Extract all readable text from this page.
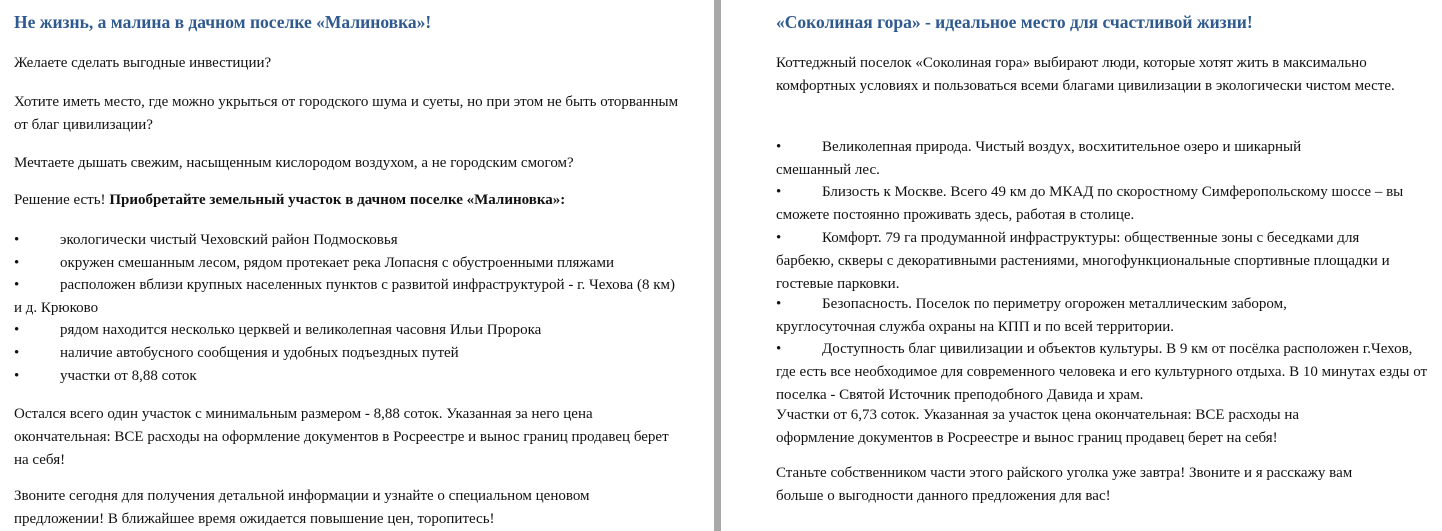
Не жизнь, а малина в дачном поселке «Малиновка»!
Желаете сделать выгодные инвестиции?
Хотите иметь место, где можно укрыться от городского шума и суеты, но при этом не быть оторванным от благ цивилизации?
Мечтаете дышать свежим, насыщенным кислородом воздухом, а не городским смогом?
Решение есть! Приобретайте земельный участок в дачном поселке «Малиновка»:
•	экологически чистый Чеховский район Подмосковья
•	окружен смешанным лесом, рядом протекает река Лопасня с обустроенными пляжами
•	расположен вблизи крупных населенных пунктов с развитой инфраструктурой - г. Чехова (8 км) и д. Крюково
•	рядом находится несколько церквей и великолепная часовня Ильи Пророка
•	наличие автобусного сообщения и удобных подъездных путей
•	участки от 8,88 соток
Остался всего один участок с минимальным размером - 8,88 соток. Указанная за него цена окончательная: ВСЕ расходы на оформление документов в Росреестре и вынос границ продавец берет на себя!
Звоните сегодня для получения детальной информации и узнайте о специальном ценовом предложении! В ближайшее время ожидается повышение цен, торопитесь!
«Соколиная гора» - идеальное место для счастливой жизни!
Коттеджный поселок «Соколиная гора» выбирают люди, которые хотят жить в максимально комфортных условиях и пользоваться всеми благами цивилизации в экологически чистом месте.
•	Великолепная природа. Чистый воздух, восхитительное озеро и шикарный смешанный лес.
•	Близость к Москве. Всего 49 км до МКАД по скоростному Симферопольскому шоссе – вы сможете постоянно проживать здесь, работая в столице.
•	Комфорт. 79 га продуманной инфраструктуры: общественные зоны с беседками для барбекю, скверы с декоративными растениями, многофункциональные спортивные площадки и гостевые парковки.
•	Безопасность. Поселок по периметру огорожен металлическим забором, круглосуточная служба охраны на КПП и по всей территории.
•	Доступность благ цивилизации и объектов культуры. В 9 км от посёлка расположен г.Чехов, где есть все необходимое для современного человека и его культурного отдыха. В 10 минутах езды от поселка - Святой Источник преподобного Давида и храм.
Участки от 6,73 соток. Указанная за участок цена окончательная: ВСЕ расходы на оформление документов в Росреестре и вынос границ продавец берет на себя!
Станьте собственником части этого райского уголка уже завтра! Звоните и я расскажу вам больше о выгодности данного предложения для вас!
